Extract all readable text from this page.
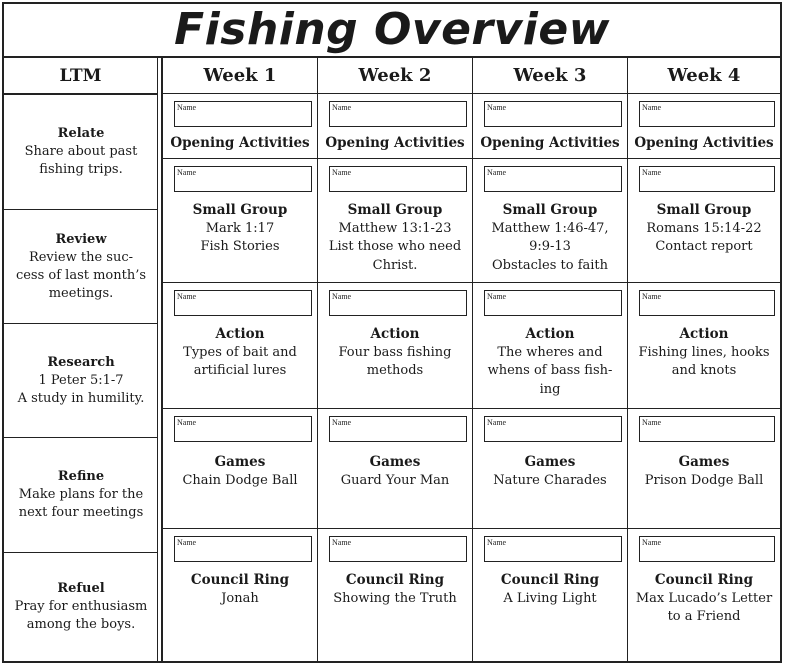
Fishing Overview
LTM
Relate
Share about past
fishing trips.
Review
Review the suc-
cess of last month’s
meetings.
Research
1 Peter 5:1-7
A study in humility.
Refine
Make plans for the
next four meetings
Refuel
Pray for enthusiasm
among the boys.
Week 1
Name
Opening Activities
Name
Small Group
Mark 1:17
Fish Stories
Name
Action
Types of bait and
artificial lures
Name
Games
Chain Dodge Ball
Name
Council Ring
Jonah
Week 2
Name
Opening Activities
Name
Small Group
Matthew 13:1-23
List those who need
Christ.
Name
Action
Four bass fishing
methods
Name
Games
Guard Your Man
Name
Council Ring
Showing the Truth
Week 3
Name
Opening Activities
Name
Small Group
Matthew 1:46-47,
9:9-13
Obstacles to faith
Name
Action
The wheres and
whens of bass fish-
ing
Name
Games
Nature Charades
Name
Council Ring
A Living Light
Week 4
Name
Opening Activities
Name
Small Group
Romans 15:14-22
Contact report
Name
Action
Fishing lines, hooks
and knots
Name
Games
Prison Dodge Ball
Name
Council Ring
Max Lucado’s Letter
to a Friend
